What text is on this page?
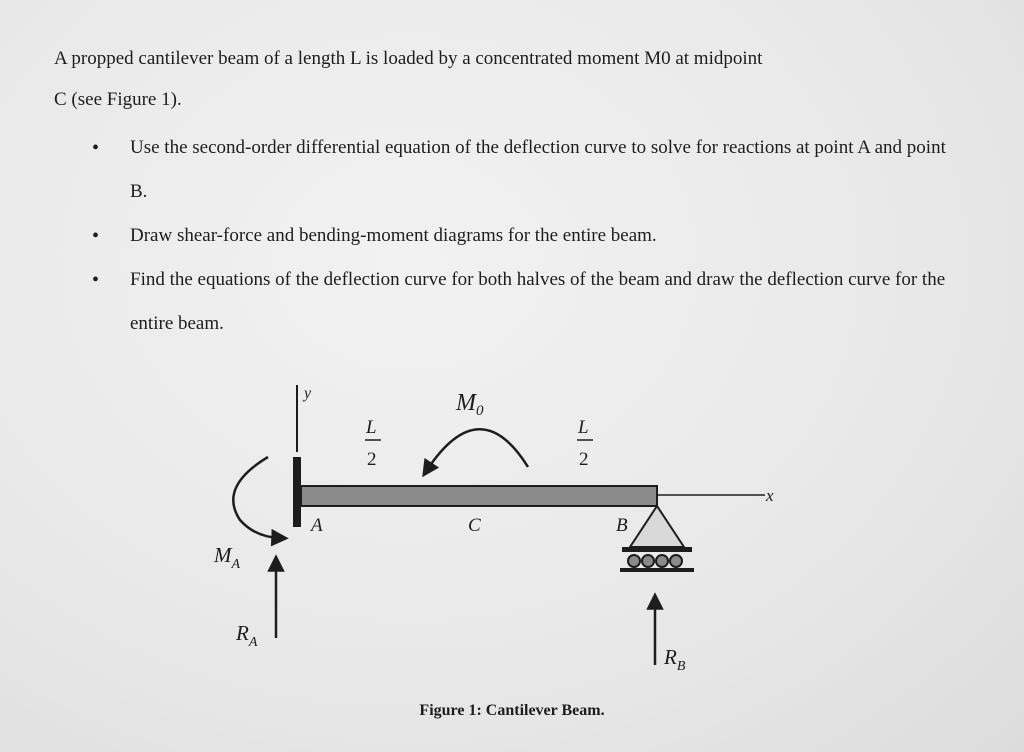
A propped cantilever beam of a length L is loaded by a concentrated moment M0 at midpoint
C (see Figure 1).
• Use the second-order differential equation of the deflection curve to solve for reactions at point A and point B.
• Draw shear-force and bending-moment diagrams for the entire beam.
• Find the equations of the deflection curve for both halves of the beam and draw the deflection curve for the entire beam.
y
x
$M_0$
L
2
L
2
A	C	B
$M_A$
$R_A$
$R_B$
Figure 1: Cantilever Beam.
